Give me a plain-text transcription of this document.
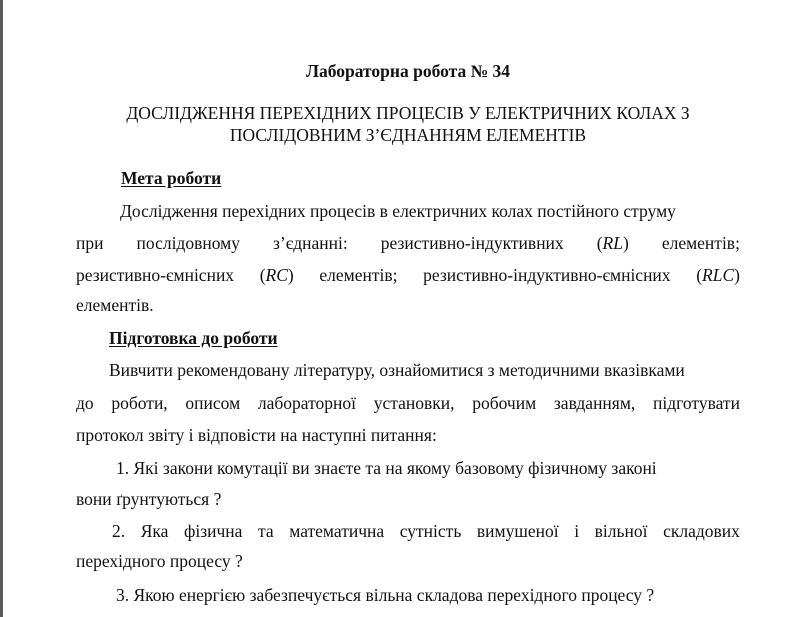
Лабораторна робота № 34
ДОСЛІДЖЕННЯ ПЕРЕХІДНИХ ПРОЦЕСІВ У ЕЛЕКТРИЧНИХ КОЛАХ З
ПОСЛІДОВНИМ З’ЄДНАННЯМ ЕЛЕМЕНТІВ
Мета роботи
Дослідження перехідних процесів в електричних колах постійного струму
при послідовному з’єднанні: резистивно-індуктивних (RL) елементів;
резистивно-ємнісних (RC) елементів; резистивно-індуктивно-ємнісних (RLC)
елементів.
Підготовка до роботи
Вивчити рекомендовану літературу, ознайомитися з методичними вказівками
до роботи, описом лабораторної установки, робочим завданням, підготувати
протокол звіту і відповісти на наступні питання:
1. Які закони комутації ви знаєте та на якому базовому фізичному законі
вони ґрунтуються ?
2. Яка фізична та математична сутність вимушеної і вільної складових
перехідного процесу ?
3. Якою енергією забезпечується вільна складова перехідного процесу ?
